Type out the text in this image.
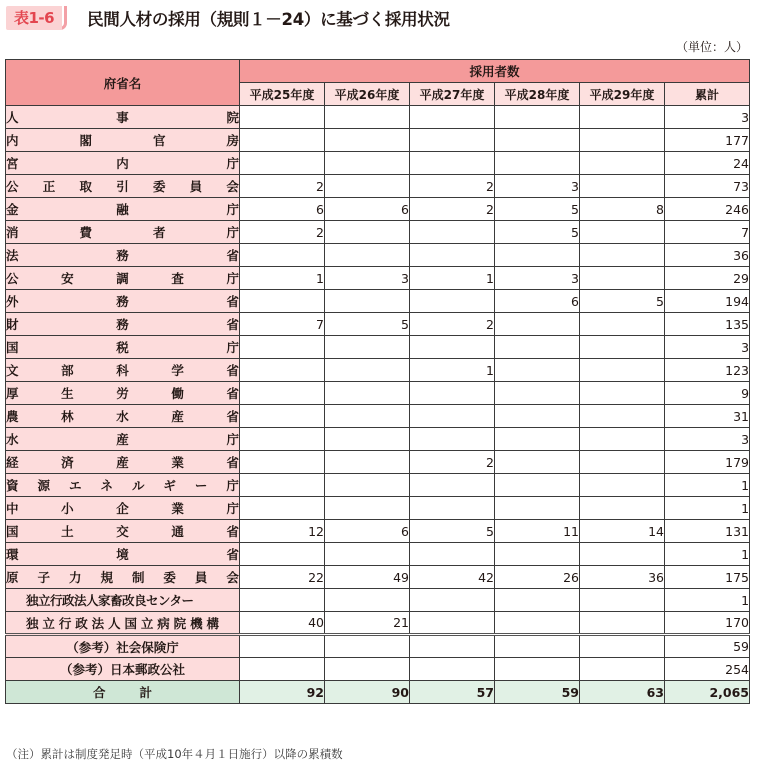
表1-6	民間人材の採用（規則１－24）に基づく採用状況
（単位：人）
府省名	採用者数					
	平成25年度	平成26年度	平成27年度	平成28年度	平成29年度	累計

人 事 院						3

内 閣 官 房						177

宮 内 庁						24

公 正 取 引 委 員 会	2		2	3		73

金 融 庁	6	6	2	5	8	246

消 費 者 庁	2			5		7

法 務 省						36

公 安 調 査 庁	1	3	1	3		29

外 務 省				6	5	194

財 務 省	7	5	2			135

国 税 庁						3

文 部 科 学 省			1			123

厚 生 労 働 省						9

農 林 水 産 省						31

水 産 庁						3

経 済 産 業 省			2			179

資 源 エ ネ ル ギ ー 庁						1

中 小 企 業 庁						1

国 土 交 通 省	12	6	5	11	14	131

環 境 省						1

原 子 力 規 制 委 員 会	22	49	42	26	36	175

独立行政法人家畜改良センター						1

独 立 行 政 法 人 国 立 病 院 機 構	40	21				170
（参考）社会保険庁						59
（参考）日本郵政公社						254
合 計	92	90	57	59	63	2,065
（注）累計は制度発足時（平成10年４月１日施行）以降の累積数
